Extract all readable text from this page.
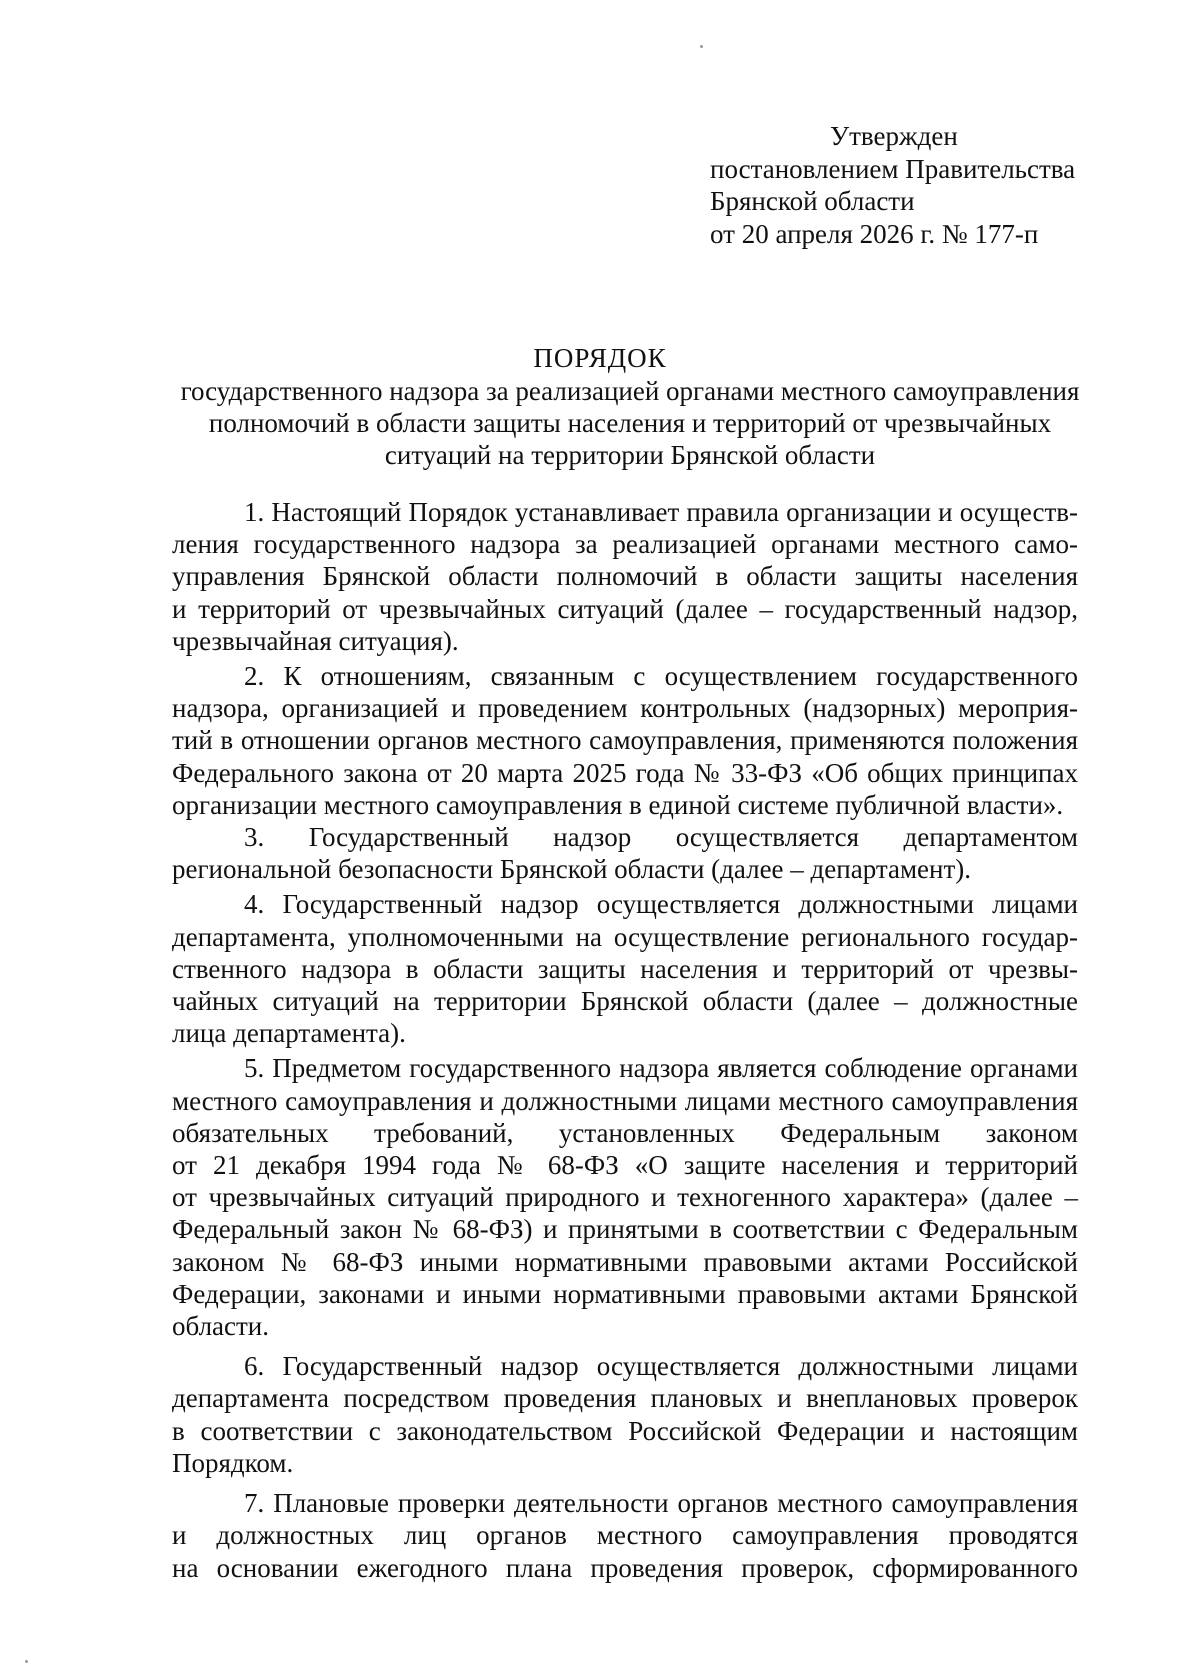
Утвержден
постановлением Правительства
Брянской области
от 20 апреля 2026 г. № 177-п
ПОРЯДОК
государственного надзора за реализацией органами местного самоуправления
полномочий в области защиты населения и территорий от чрезвычайных
ситуаций на территории Брянской области
1. Настоящий Порядок устанавливает правила организации и осуществ-
ления государственного надзора за реализацией органами местного само-
управления Брянской области полномочий в области защиты населения
и территорий от чрезвычайных ситуаций (далее – государственный надзор,
чрезвычайная ситуация).
2. К отношениям, связанным с осуществлением государственного
надзора, организацией и проведением контрольных (надзорных) мероприя-
тий в отношении органов местного самоуправления, применяются положения
Федерального закона от 20 марта 2025 года № 33-ФЗ «Об общих принципах
организации местного самоуправления в единой системе публичной власти».
3. Государственный надзор осуществляется департаментом
региональной безопасности Брянской области (далее – департамент).
4. Государственный надзор осуществляется должностными лицами
департамента, уполномоченными на осуществление регионального государ-
ственного надзора в области защиты населения и территорий от чрезвы-
чайных ситуаций на территории Брянской области (далее – должностные
лица департамента).
5. Предметом государственного надзора является соблюдение органами
местного самоуправления и должностными лицами местного самоуправления
обязательных требований, установленных Федеральным законом
от 21 декабря 1994 года № 68-ФЗ «О защите населения и территорий
от чрезвычайных ситуаций природного и техногенного характера» (далее –
Федеральный закон № 68-ФЗ) и принятыми в соответствии с Федеральным
законом № 68-ФЗ иными нормативными правовыми актами Российской
Федерации, законами и иными нормативными правовыми актами Брянской
области.
6. Государственный надзор осуществляется должностными лицами
департамента посредством проведения плановых и внеплановых проверок
в соответствии с законодательством Российской Федерации и настоящим
Порядком.
7. Плановые проверки деятельности органов местного самоуправления
и должностных лиц органов местного самоуправления проводятся
на основании ежегодного плана проведения проверок, сформированного
